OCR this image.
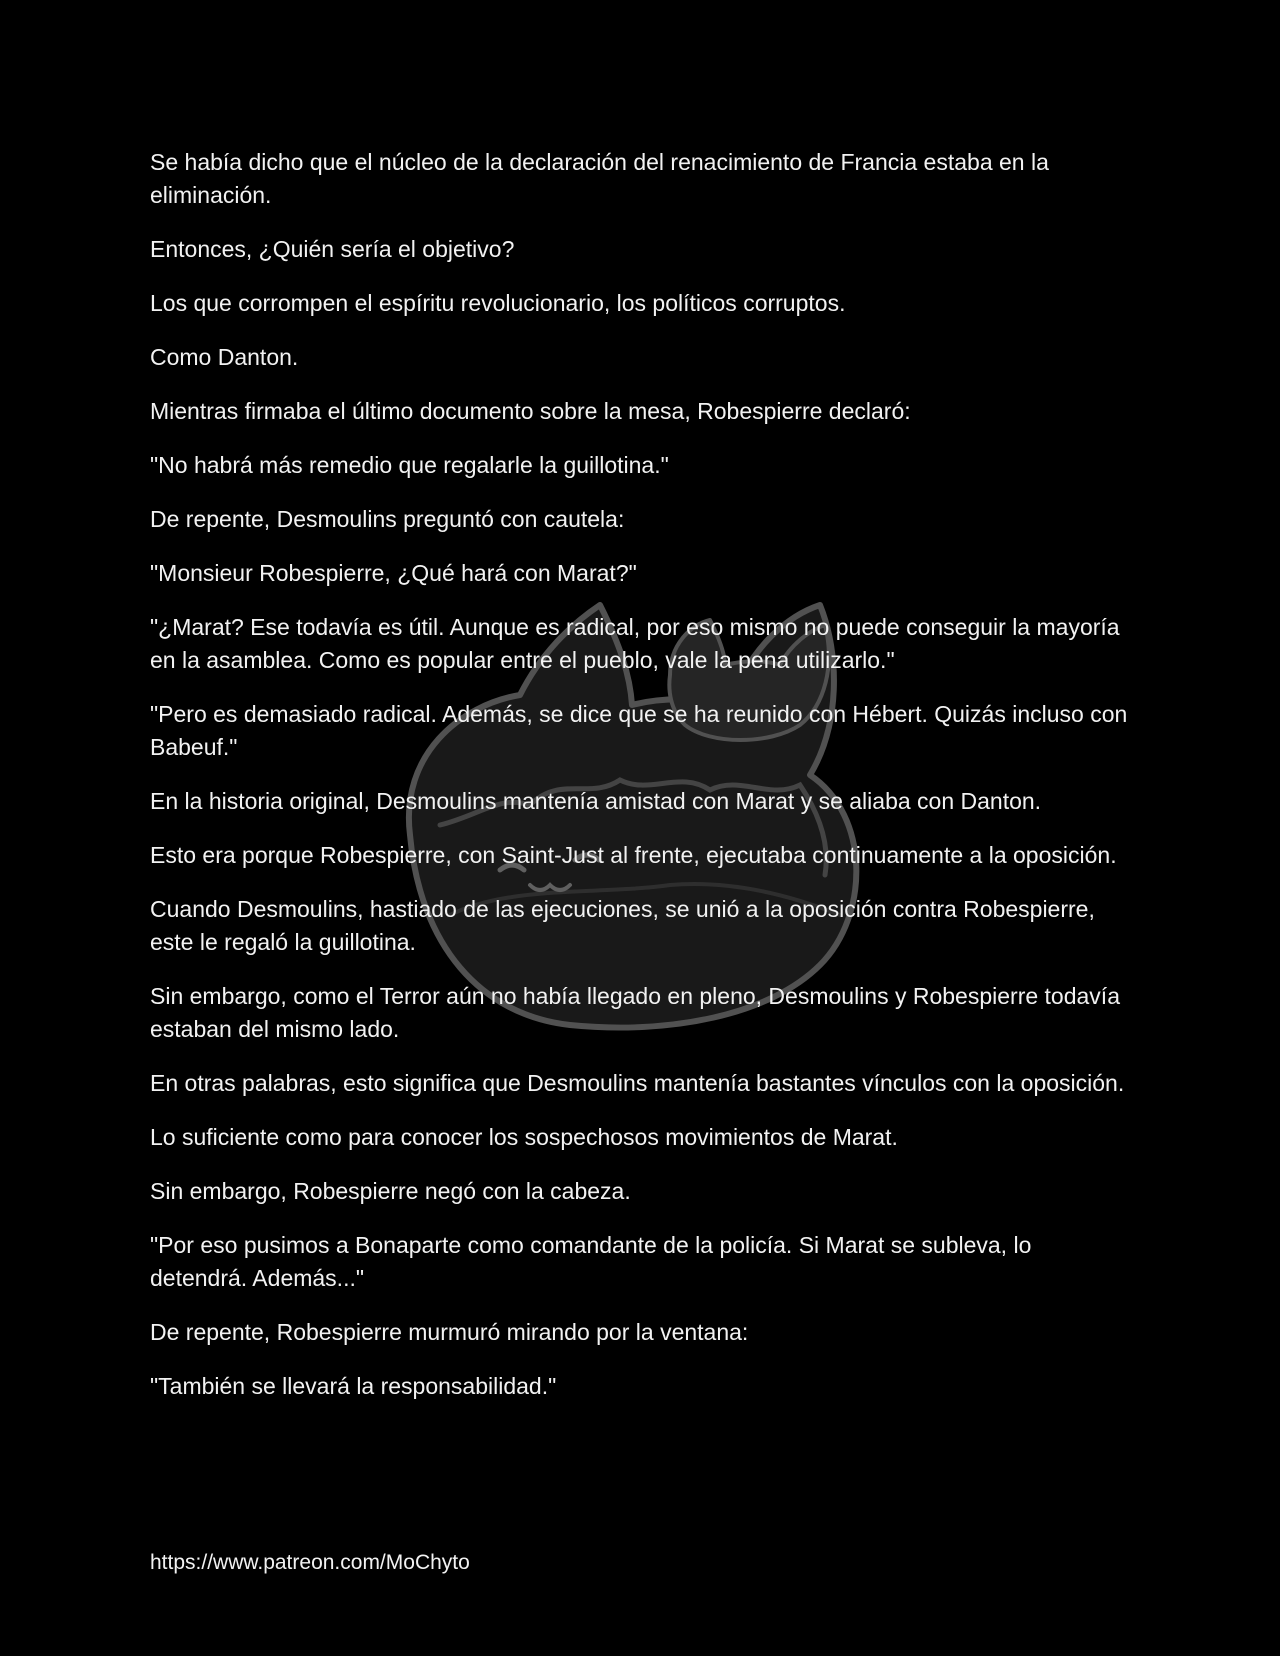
Se había dicho que el núcleo de la declaración del renacimiento de Francia estaba en la eliminación.

Entonces, ¿Quién sería el objetivo?

Los que corrompen el espíritu revolucionario, los políticos corruptos.

Como Danton.

Mientras firmaba el último documento sobre la mesa, Robespierre declaró:

"No habrá más remedio que regalarle la guillotina."

De repente, Desmoulins preguntó con cautela:

"Monsieur Robespierre, ¿Qué hará con Marat?"

"¿Marat? Ese todavía es útil. Aunque es radical, por eso mismo no puede conseguir la mayoría en la asamblea. Como es popular entre el pueblo, vale la pena utilizarlo."

"Pero es demasiado radical. Además, se dice que se ha reunido con Hébert. Quizás incluso con Babeuf."

En la historia original, Desmoulins mantenía amistad con Marat y se aliaba con Danton.

Esto era porque Robespierre, con Saint-Just al frente, ejecutaba continuamente a la oposición.

Cuando Desmoulins, hastiado de las ejecuciones, se unió a la oposición contra Robespierre, este le regaló la guillotina.

Sin embargo, como el Terror aún no había llegado en pleno, Desmoulins y Robespierre todavía estaban del mismo lado.

En otras palabras, esto significa que Desmoulins mantenía bastantes vínculos con la oposición.

Lo suficiente como para conocer los sospechosos movimientos de Marat.

Sin embargo, Robespierre negó con la cabeza.

"Por eso pusimos a Bonaparte como comandante de la policía. Si Marat se subleva, lo detendrá. Además..."

De repente, Robespierre murmuró mirando por la ventana:

"También se llevará la responsabilidad."

https://www.patreon.com/MoChyto
